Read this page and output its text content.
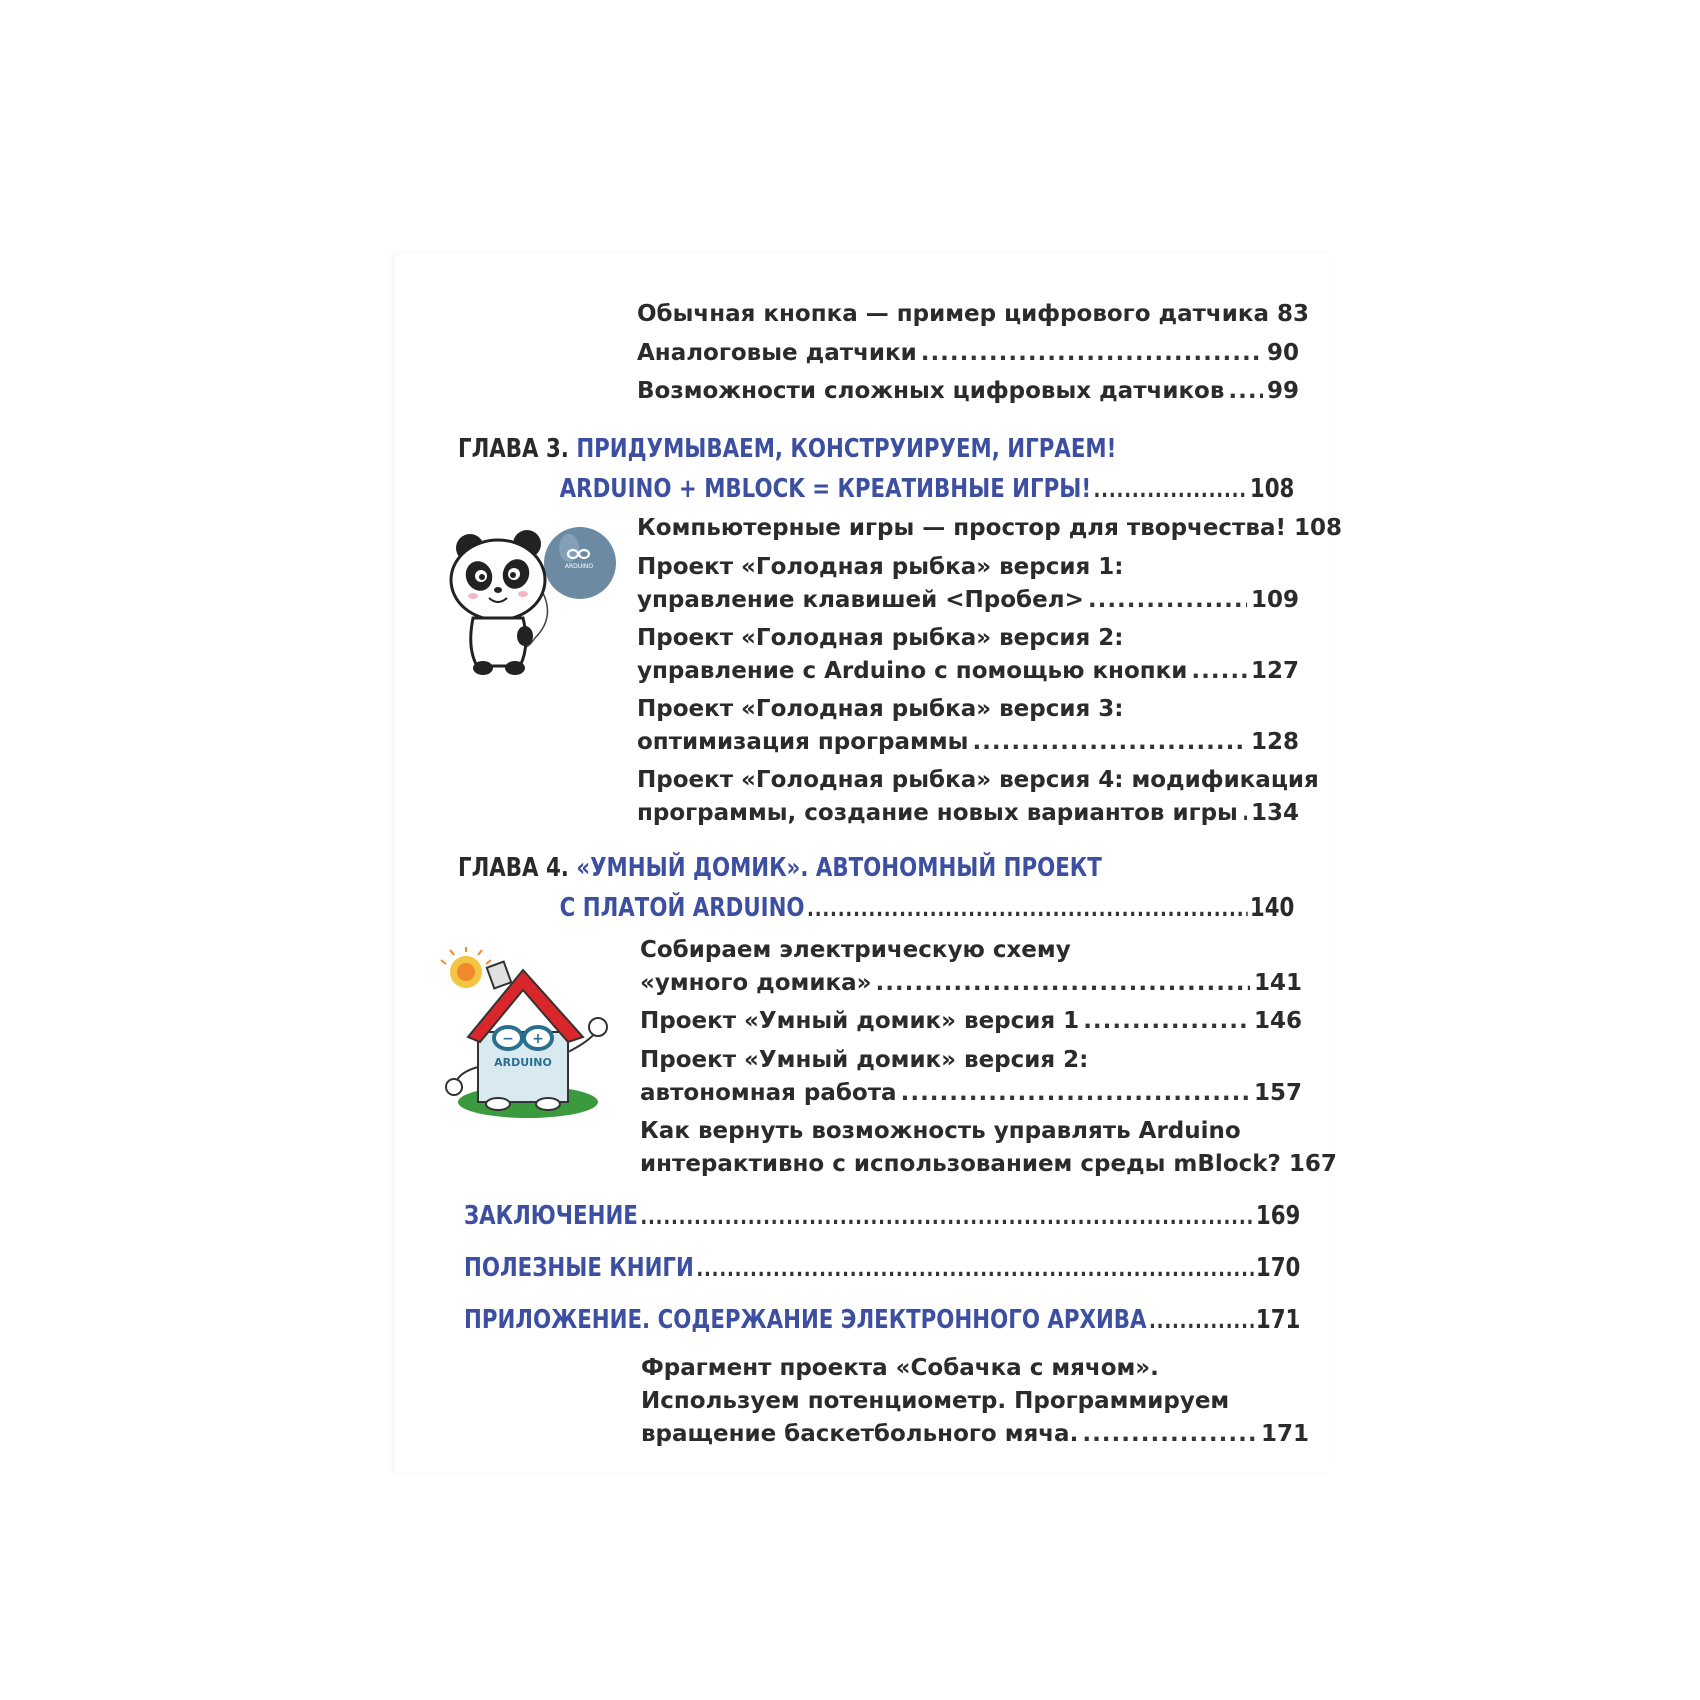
Обычная кнопка — пример цифрового датчика 83
Аналоговые датчики .....	90
Возможности сложных цифровых датчиков ..... 99
ГЛАВА 3.
ПРИДУМЫВАЕМ, КОНСТРУИРУЕМ, ИГРАЕМ!
ARDUINO + MBLOCK = КРЕАТИВНЫЕ ИГРЫ! .....	108
ARDUINO
Компьютерные игры — простор для творчества! 108
Проект «Голодная рыбка» версия 1:
управление клавишей <Пробел> .....	109
Проект «Голодная рыбка» версия 2:
управление с Arduino с помощью кнопки .....	127
Проект «Голодная рыбка» версия 3:
оптимизация программы .....	128
Проект «Голодная рыбка» версия 4: модификация
программы, создание новых вариантов игры ..... 134
ГЛАВА 4.
«УМНЫЙ ДОМИК». АВТОНОМНЫЙ ПРОЕКТ
С ПЛАТОЙ ARDUINO .....	140
− +
ARDUINO
Собираем электрическую схему
«умного домика» .....	141
Проект «Умный домик» версия 1 .....	146
Проект «Умный домик» версия 2:
автономная работа .....	157
Как вернуть возможность управлять Arduino
интерактивно с использованием среды mBlock? 167
ЗАКЛЮЧЕНИЕ .....	169
ПОЛЕЗНЫЕ КНИГИ .....	170
ПРИЛОЖЕНИЕ. СОДЕРЖАНИЕ ЭЛЕКТРОННОГО АРХИВА .....	171
Фрагмент проекта «Собачка с мячом».
Используем потенциометр. Программируем
вращение баскетбольного мяча. .....	171
